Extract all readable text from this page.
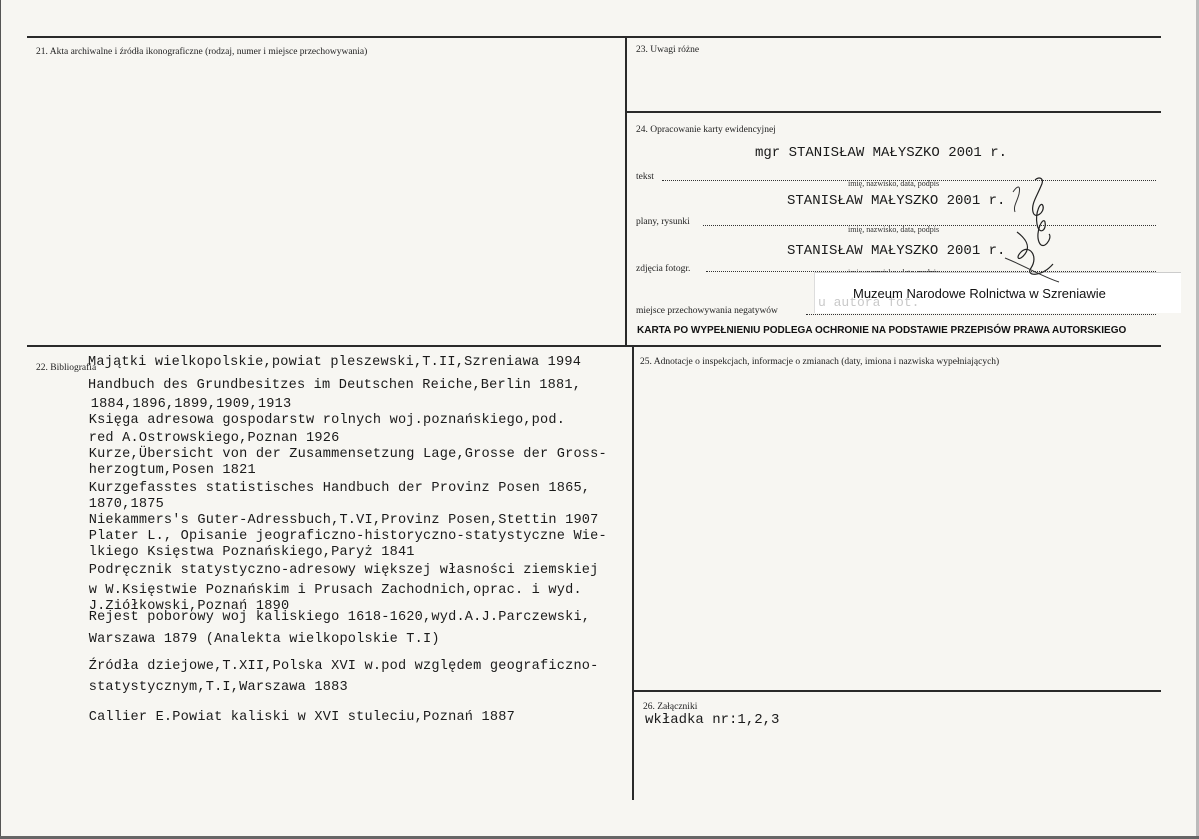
21. Akta archiwalne i źródła ikonograficzne (rodzaj, numer i miejsce przechowywania)	23. Uwagi różne
24. Opracowanie karty ewidencyjnej
mgr STANISŁAW MAŁYSZKO 2001 r.
tekst
imię, nazwisko, data, podpis
STANISŁAW MAŁYSZKO 2001 r.
plany, rysunki
imię, nazwisko, data, podpis
STANISŁAW MAŁYSZKO 2001 r.
zdjęcia fotogr.
miejsce przechowywania negatywów
u autora fot.
Muzeum Narodowe Rolnictwa w Szreniawie
KARTA PO WYPEŁNIENIU PODLEGA OCHRONIE NA PODSTAWIE PRZEPISÓW PRAWA AUTORSKIEGO
22. Bibliografia
Majątki wielkopolskie,powiat pleszewski,T.II,Szreniawa 1994
Handbuch des Grundbesitzes im Deutschen Reiche,Berlin 1881,
1884,1896,1899,1909,1913
Księga adresowa gospodarstw rolnych woj.poznańskiego,pod.
red A.Ostrowskiego,Poznan 1926
Kurze,Übersicht von der Zusammensetzung Lage,Grosse der Gross-
herzogtum,Posen 1821
Kurzgefasstes statistisches Handbuch der Provinz Posen 1865,
1870,1875
Niekammers's Guter-Adressbuch,T.VI,Provinz Posen,Stettin 1907
Plater L., Opisanie jeograficzno-historyczno-statystyczne Wie-
lkiego Księstwa Poznańskiego,Paryż 1841
Podręcznik statystyczno-adresowy większej własności ziemskiej
w W.Księstwie Poznańskim i Prusach Zachodnich,oprac. i wyd.
J.Ziółkowski,Poznań 1890
Rejest poborowy woj kaliskiego 1618-1620,wyd.A.J.Parczewski,
Warszawa 1879 (Analekta wielkopolskie T.I)
Źródła dziejowe,T.XII,Polska XVI w.pod względem geograficzno-
statystycznym,T.I,Warszawa 1883
Callier E.Powiat kaliski w XVI stuleciu,Poznań 1887
25. Adnotacje o inspekcjach, informacje o zmianach (daty, imiona i nazwiska wypełniających)
26. Załączniki
wkładka nr:1,2,3
